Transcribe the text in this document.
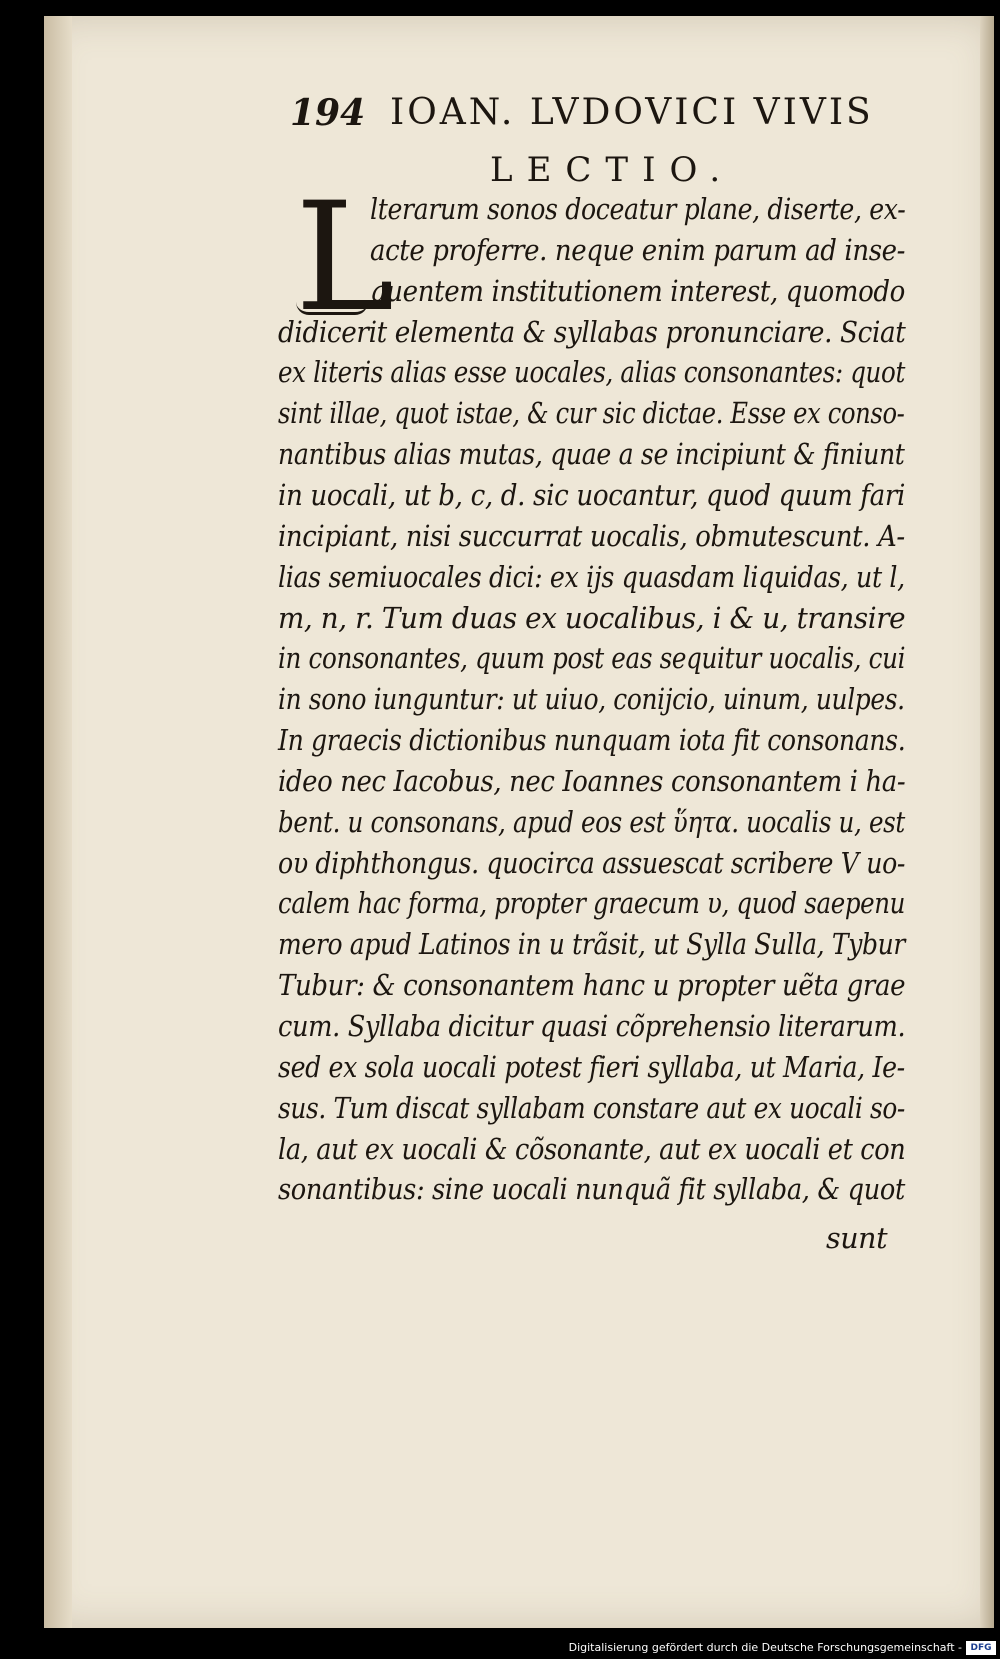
194 IOAN. LVDOVICI VIVIS
LECTIO.
L
lterarum sonos doceatur plane, diserte, ex-
acte proferre. neque enim parum ad inse-
quentem institutionem interest, quomodo
didicerit elementa & syllabas pronunciare. Sciat
ex literis alias esse uocales, alias consonantes: quot
sint illae, quot istae, & cur sic dictae. Esse ex conso-
nantibus alias mutas, quae a se incipiunt & finiunt
in uocali, ut b, c, d. sic uocantur, quod quum fari
incipiant, nisi succurrat uocalis, obmutescunt. A-
lias semiuocales dici: ex ijs quasdam liquidas, ut l,
m, n, r. Tum duas ex uocalibus, i & u, transire
in consonantes, quum post eas sequitur uocalis, cui
in sono iunguntur: ut uiuo, conijcio, uinum, uulpes.
In graecis dictionibus nunquam iota fit consonans.
ideo nec Iacobus, nec Ioannes consonantem i ha-
bent. u consonans, apud eos est ὕητα. uocalis u, est
ου diphthongus. quocirca assuescat scribere V uo-
calem hac forma, propter graecum υ, quod saepenu
mero apud Latinos in u trãsit, ut Sylla Sulla, Tybur
Tubur: & consonantem hanc u propter uẽta grae
cum. Syllaba dicitur quasi cõprehensio literarum.
sed ex sola uocali potest fieri syllaba, ut Maria, Ie-
sus. Tum discat syllabam constare aut ex uocali so-
la, aut ex uocali & cõsonante, aut ex uocali et con
sonantibus: sine uocali nunquã fit syllaba, & quot
sunt
Digitalisierung gefördert durch die Deutsche Forschungsgemeinschaft - DFG
